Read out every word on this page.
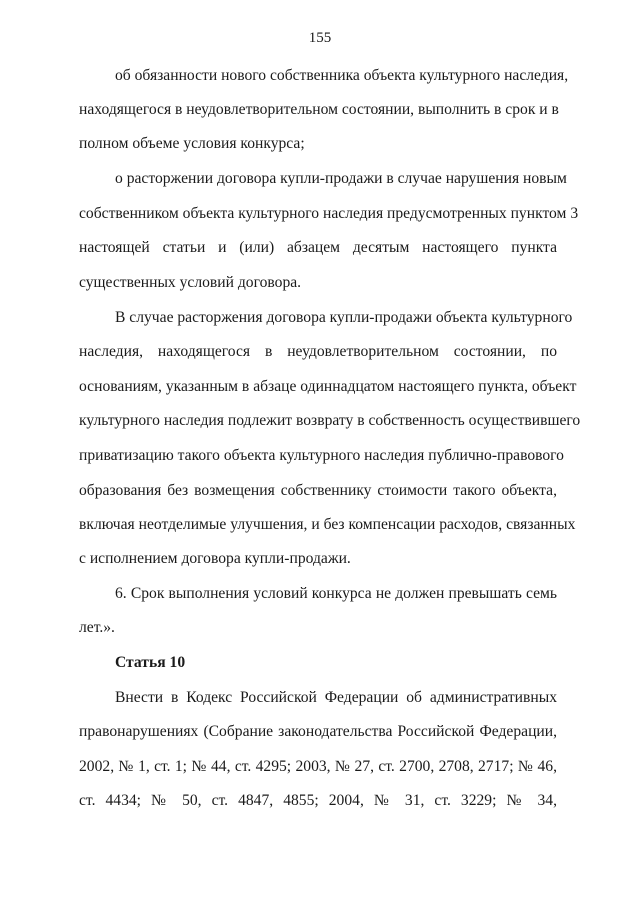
155
об обязанности нового собственника объекта культурного наследия,
находящегося в неудовлетворительном состоянии, выполнить в срок и в
полном объеме условия конкурса;
о расторжении договора купли-продажи в случае нарушения новым
собственником объекта культурного наследия предусмотренных пунктом 3
настоящей статьи и (или) абзацем десятым настоящего пункта
существенных условий договора.
В случае расторжения договора купли-продажи объекта культурного
наследия, находящегося в неудовлетворительном состоянии, по
основаниям, указанным в абзаце одиннадцатом настоящего пункта, объект
культурного наследия подлежит возврату в собственность осуществившего
приватизацию такого объекта культурного наследия публично-правового
образования без возмещения собственнику стоимости такого объекта,
включая неотделимые улучшения, и без компенсации расходов, связанных
с исполнением договора купли-продажи.
6. Срок выполнения условий конкурса не должен превышать семь
лет.».
Статья 10
Внести в Кодекс Российской Федерации об административных
правонарушениях (Собрание законодательства Российской Федерации,
2002, № 1, ст. 1; № 44, ст. 4295; 2003, № 27, ст. 2700, 2708, 2717; № 46,
ст. 4434; № 50, ст. 4847, 4855; 2004, № 31, ст. 3229; № 34,
